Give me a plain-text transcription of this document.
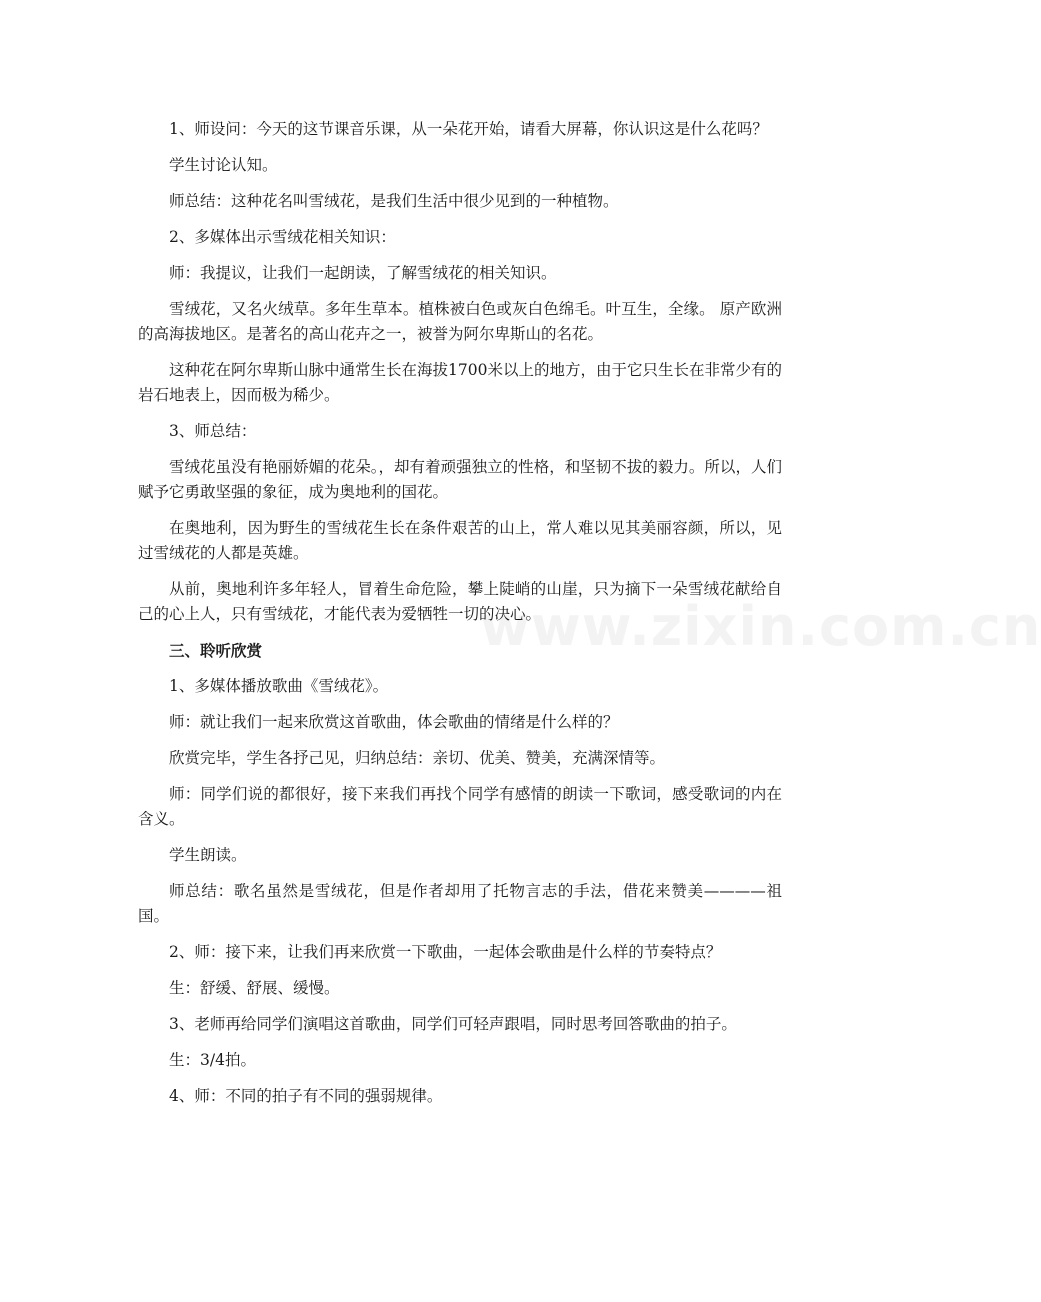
www.zixin.com.cn

1、师设问：今天的这节课音乐课，从一朵花开始，请看大屏幕，你认识这是什么花吗？

学生讨论认知。

师总结：这种花名叫雪绒花，是我们生活中很少见到的一种植物。

2、多媒体出示雪绒花相关知识：

师：我提议，让我们一起朗读，了解雪绒花的相关知识。

雪绒花，又名火绒草。多年生草本。植株被白色或灰白色绵毛。叶互生，全缘。 原产欧洲的高海拔地区。是著名的高山花卉之一，被誉为阿尔卑斯山的名花。

这种花在阿尔卑斯山脉中通常生长在海拔1700米以上的地方，由于它只生长在非常少有的岩石地表上，因而极为稀少。

3、师总结：

雪绒花虽没有艳丽娇媚的花朵。，却有着顽强独立的性格，和坚韧不拔的毅力。所以，人们赋予它勇敢坚强的象征，成为奥地利的国花。

在奥地利，因为野生的雪绒花生长在条件艰苦的山上，常人难以见其美丽容颜，所以，见过雪绒花的人都是英雄。

从前，奥地利许多年轻人，冒着生命危险，攀上陡峭的山崖，只为摘下一朵雪绒花献给自己的心上人，只有雪绒花，才能代表为爱牺牲一切的决心。

三、聆听欣赏

1、多媒体播放歌曲《雪绒花》。

师：就让我们一起来欣赏这首歌曲，体会歌曲的情绪是什么样的？

欣赏完毕，学生各抒己见，归纳总结：亲切、优美、赞美，充满深情等。

师：同学们说的都很好，接下来我们再找个同学有感情的朗读一下歌词，感受歌词的内在含义。

学生朗读。

师总结：歌名虽然是雪绒花，但是作者却用了托物言志的手法，借花来赞美————祖国。

2、师：接下来，让我们再来欣赏一下歌曲，一起体会歌曲是什么样的节奏特点？

生：舒缓、舒展、缓慢。

3、老师再给同学们演唱这首歌曲，同学们可轻声跟唱，同时思考回答歌曲的拍子。

生：3/4拍。

4、师：不同的拍子有不同的强弱规律。
